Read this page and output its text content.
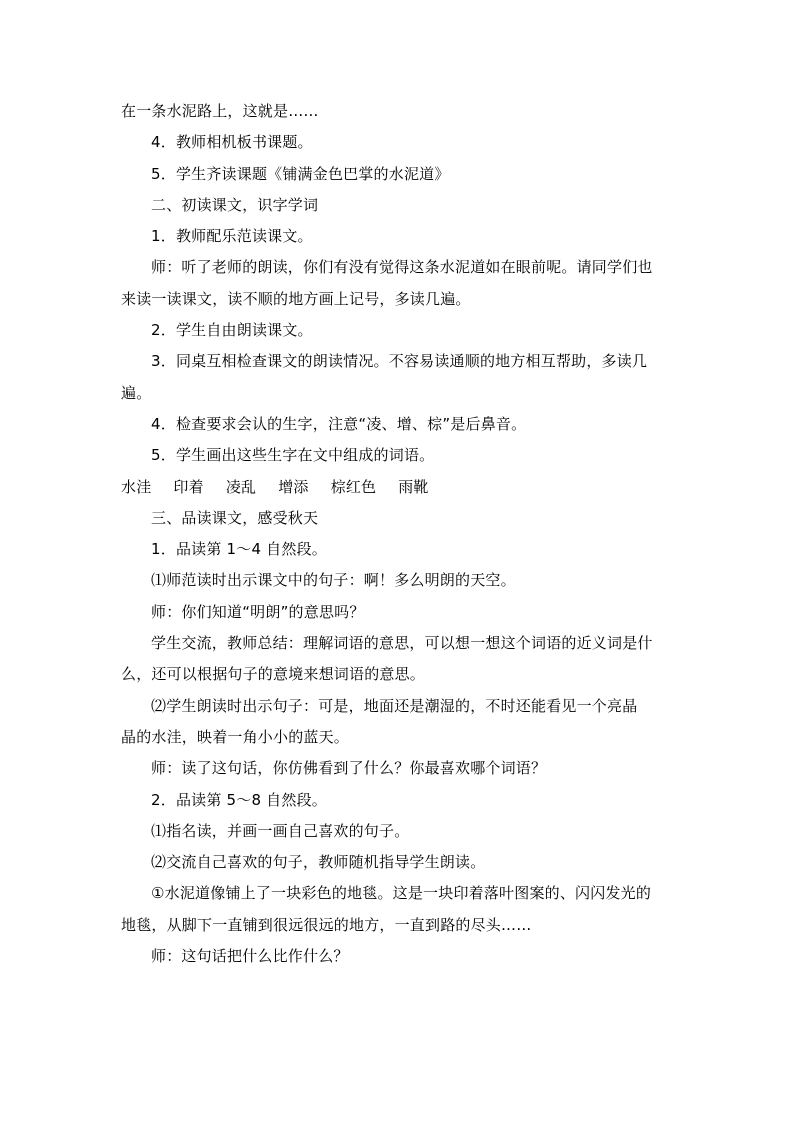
在一条水泥路上，这就是……
4．教师相机板书课题。
5．学生齐读课题《铺满金色巴掌的水泥道》
二、初读课文，识字学词
1．教师配乐范读课文。
师：听了老师的朗读，你们有没有觉得这条水泥道如在眼前呢。请同学们也
来读一读课文，读不顺的地方画上记号，多读几遍。
2．学生自由朗读课文。
3．同桌互相检查课文的朗读情况。不容易读通顺的地方相互帮助，多读几
遍。
4．检查要求会认的生字，注意“凌、增、棕”是后鼻音。
5．学生画出这些生字在文中组成的词语。
水洼 印着 凌乱 增添 棕红色 雨靴
三、品读课文，感受秋天
1．品读第 1～4 自然段。
⑴师范读时出示课文中的句子：啊！多么明朗的天空。
师：你们知道“明朗”的意思吗？
学生交流，教师总结：理解词语的意思，可以想一想这个词语的近义词是什
么，还可以根据句子的意境来想词语的意思。
⑵学生朗读时出示句子：可是，地面还是潮湿的，不时还能看见一个亮晶
晶的水洼，映着一角小小的蓝天。
师：读了这句话，你仿佛看到了什么？你最喜欢哪个词语？
2．品读第 5～8 自然段。
⑴指名读，并画一画自己喜欢的句子。
⑵交流自己喜欢的句子，教师随机指导学生朗读。
①水泥道像铺上了一块彩色的地毯。这是一块印着落叶图案的、闪闪发光的
地毯，从脚下一直铺到很远很远的地方，一直到路的尽头……
师：这句话把什么比作什么？
